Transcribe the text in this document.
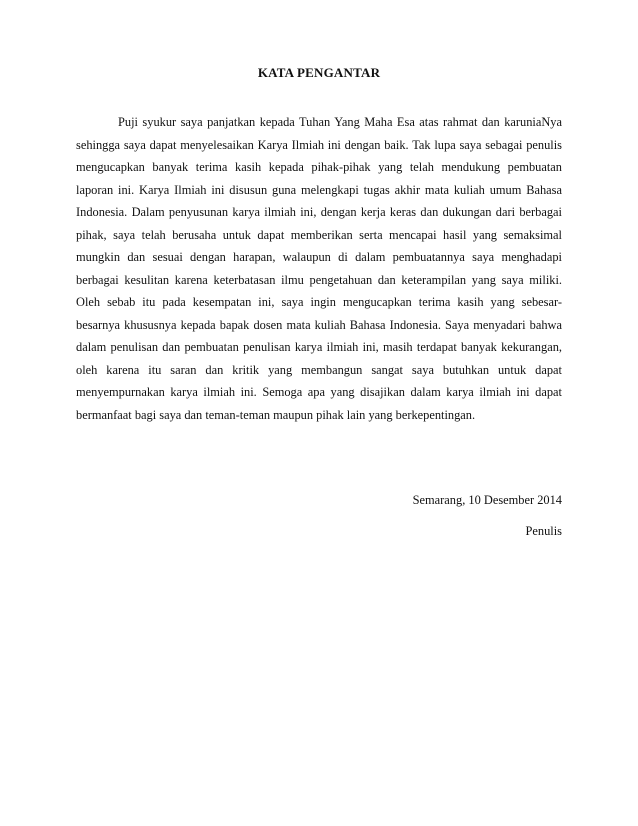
KATA PENGANTAR
Puji syukur saya panjatkan kepada Tuhan Yang Maha Esa atas rahmat dan karuniaNya
sehingga saya dapat menyelesaikan Karya Ilmiah ini dengan baik. Tak lupa saya sebagai penulis
mengucapkan banyak terima kasih kepada pihak-pihak yang telah mendukung pembuatan
laporan ini. Karya Ilmiah ini disusun guna melengkapi tugas akhir mata kuliah umum Bahasa
Indonesia. Dalam penyusunan karya ilmiah ini, dengan kerja keras dan dukungan dari berbagai
pihak, saya telah berusaha untuk dapat memberikan serta mencapai hasil yang semaksimal
mungkin dan sesuai dengan harapan, walaupun di dalam pembuatannya saya menghadapi
berbagai kesulitan karena keterbatasan ilmu pengetahuan dan keterampilan yang saya miliki.
Oleh sebab itu pada kesempatan ini, saya ingin mengucapkan terima kasih yang sebesar-
besarnya khususnya kepada bapak dosen mata kuliah Bahasa Indonesia. Saya menyadari bahwa
dalam penulisan dan pembuatan penulisan karya ilmiah ini, masih terdapat banyak kekurangan,
oleh karena itu saran dan kritik yang membangun sangat saya butuhkan untuk dapat
menyempurnakan karya ilmiah ini. Semoga apa yang disajikan dalam karya ilmiah ini dapat
bermanfaat bagi saya dan teman-teman maupun pihak lain yang berkepentingan.
Semarang, 10 Desember 2014
Penulis
